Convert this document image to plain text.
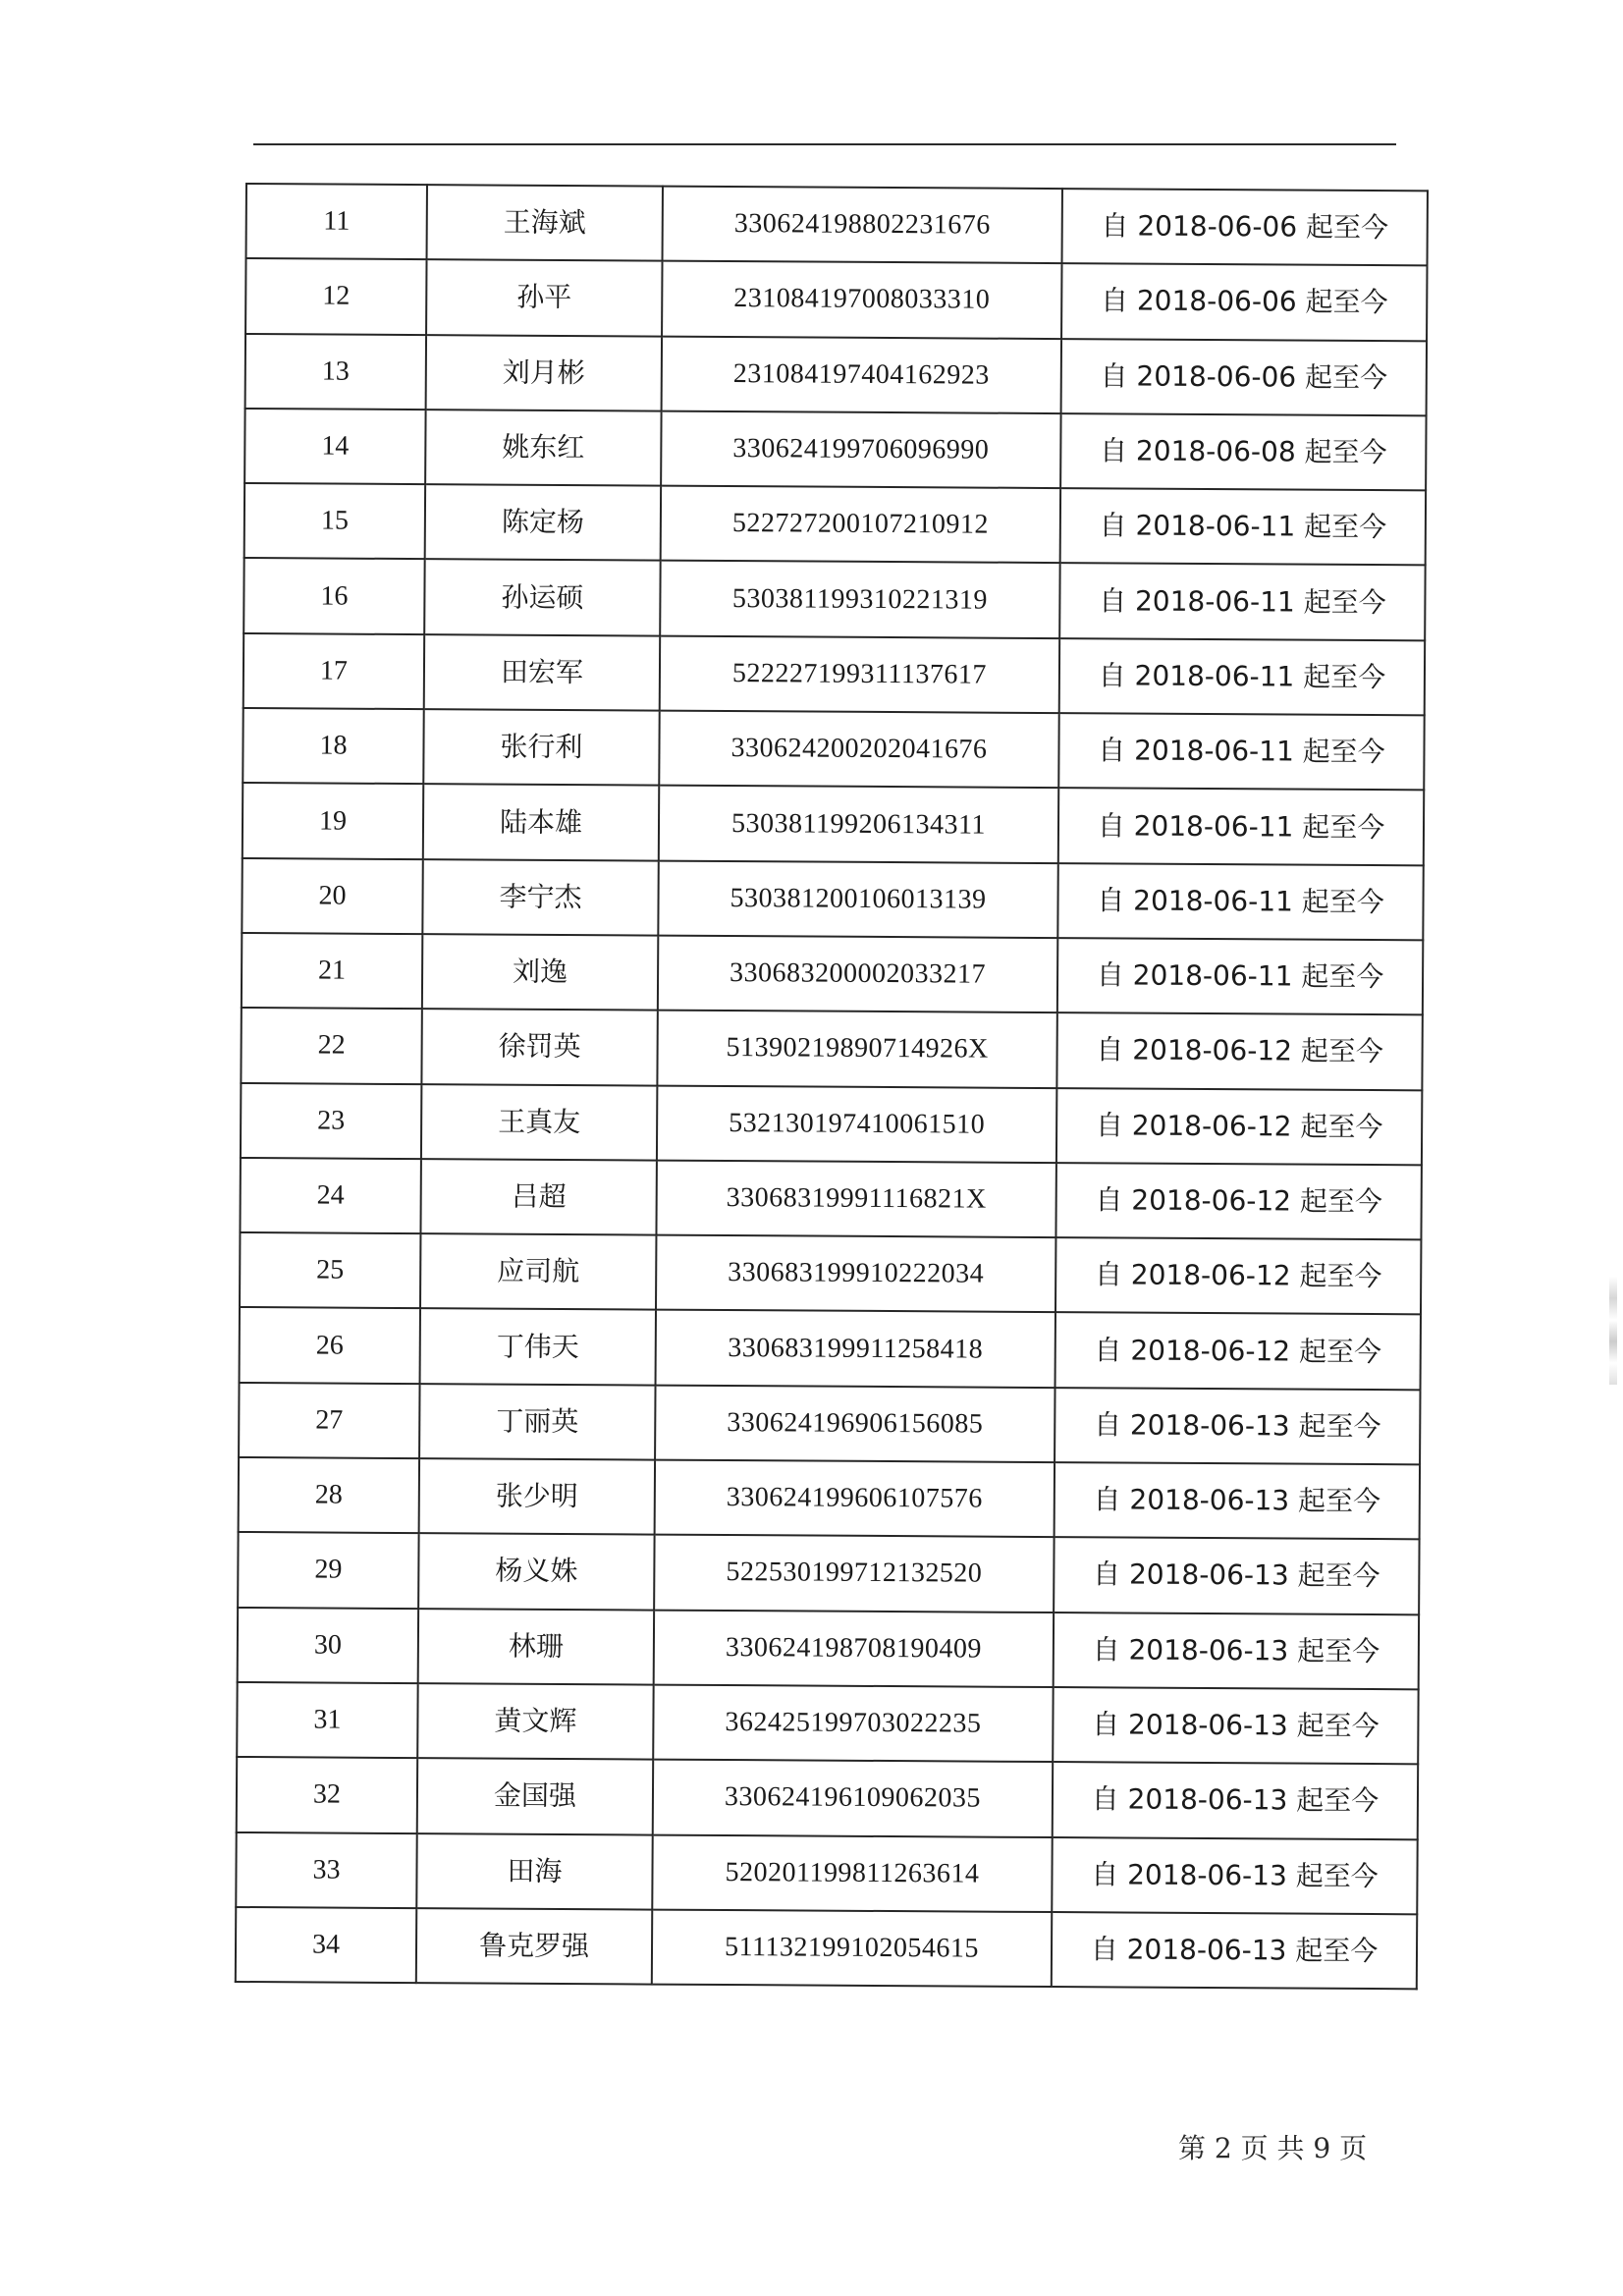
11	王海斌	330624198802231676	自 2018-06-06 起至今
12	孙平	231084197008033310	自 2018-06-06 起至今
13	刘月彬	231084197404162923	自 2018-06-06 起至今
14	姚东红	330624199706096990	自 2018-06-08 起至今
15	陈定杨	522727200107210912	自 2018-06-11 起至今
16	孙运硕	530381199310221319	自 2018-06-11 起至今
17	田宏军	522227199311137617	自 2018-06-11 起至今
18	张行利	330624200202041676	自 2018-06-11 起至今
19	陆本雄	530381199206134311	自 2018-06-11 起至今
20	李宁杰	530381200106013139	自 2018-06-11 起至今
21	刘逸	330683200002033217	自 2018-06-11 起至今
22	徐罚英	51390219890714926X	自 2018-06-12 起至今
23	王真友	532130197410061510	自 2018-06-12 起至今
24	吕超	33068319991116821X	自 2018-06-12 起至今
25	应司航	330683199910222034	自 2018-06-12 起至今
26	丁伟天	330683199911258418	自 2018-06-12 起至今
27	丁丽英	330624196906156085	自 2018-06-13 起至今
28	张少明	330624199606107576	自 2018-06-13 起至今
29	杨义姝	522530199712132520	自 2018-06-13 起至今
30	林珊	330624198708190409	自 2018-06-13 起至今
31	黄文辉	362425199703022235	自 2018-06-13 起至今
32	金国强	330624196109062035	自 2018-06-13 起至今
33	田海	520201199811263614	自 2018-06-13 起至今
34	鲁克罗强	511132199102054615	自 2018-06-13 起至今
第 2 页 共 9 页
